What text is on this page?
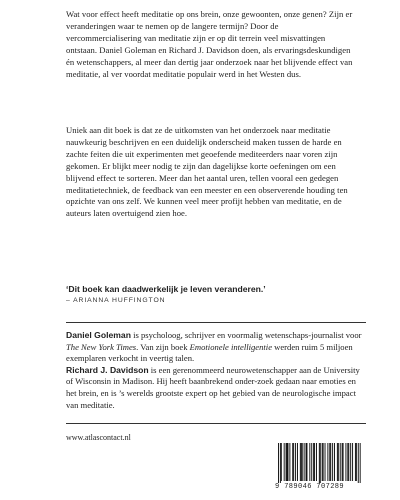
Wat voor effect heeft meditatie op ons brein, onze gewoonten, onze genen? Zijn er veranderingen waar te nemen op de langere termijn? Door de vercommercialisering van meditatie zijn er op dit terrein veel misvattingen ontstaan. Daniel Goleman en Richard J. Davidson doen, als ervaringsdeskundigen én wetenschappers, al meer dan dertig jaar onderzoek naar het blijvende effect van meditatie, al ver voordat meditatie populair werd in het Westen dus.

Uniek aan dit boek is dat ze de uitkomsten van het onderzoek naar meditatie nauwkeurig beschrijven en een duidelijk onderscheid maken tussen de harde en zachte feiten die uit experimenten met geoefende mediteerders naar voren zijn gekomen. Er blijkt meer nodig te zijn dan dagelijkse korte oefeningen om een blijvend effect te sorteren. Meer dan het aantal uren, tellen vooral een gedegen meditatietechniek, de feedback van een meester en een observerende houding ten opzichte van ons zelf. We kunnen veel meer profijt hebben van meditatie, en de auteurs laten overtuigend zien hoe.

‘Dit boek kan daadwerkelijk je leven veranderen.’
– ARIANNA HUFFINGTON

Daniel Goleman is psycholoog, schrijver en voormalig wetenschaps-journalist voor The New York Times. Van zijn boek Emotionele intelligentie werden ruim 5 miljoen exemplaren verkocht in veertig talen.
Richard J. Davidson is een gerenommeerd neurowetenschapper aan de University of Wisconsin in Madison. Hij heeft baanbrekend onder-zoek gedaan naar emoties en het brein, en is ’s werelds grootste expert op het gebied van de neurologische impact van meditatie.

www.atlascontact.nl
9 789046 707289
